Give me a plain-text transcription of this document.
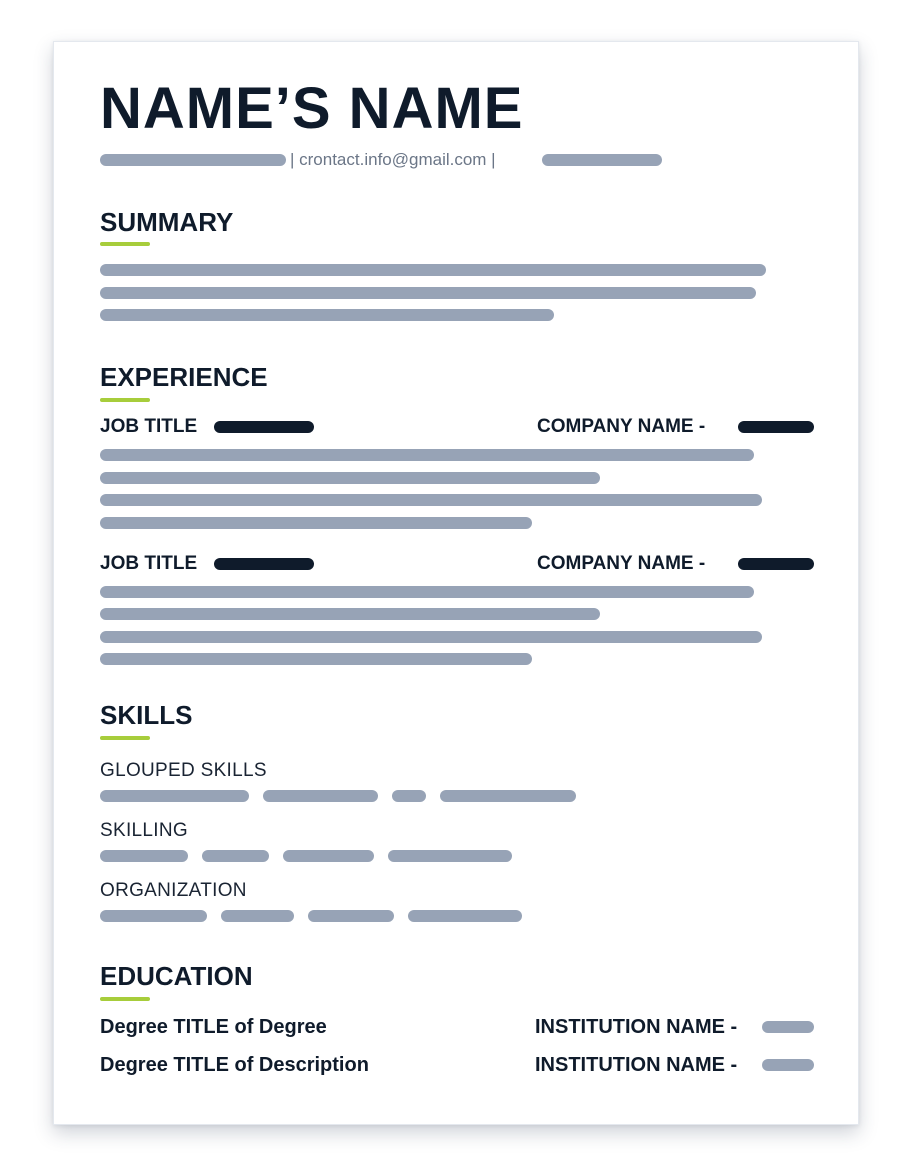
NAME’S NAME
| crontact.info@gmail.com |
SUMMARY
EXPERIENCE
JOB TITLE	COMPANY NAME -
JOB TITLE	COMPANY NAME -
SKILLS
GLOUPED SKILLS
SKILLING
ORGANIZATION
EDUCATION
Degree TITLE of Degree	INSTITUTION NAME -
Degree TITLE of Description	INSTITUTION NAME -
